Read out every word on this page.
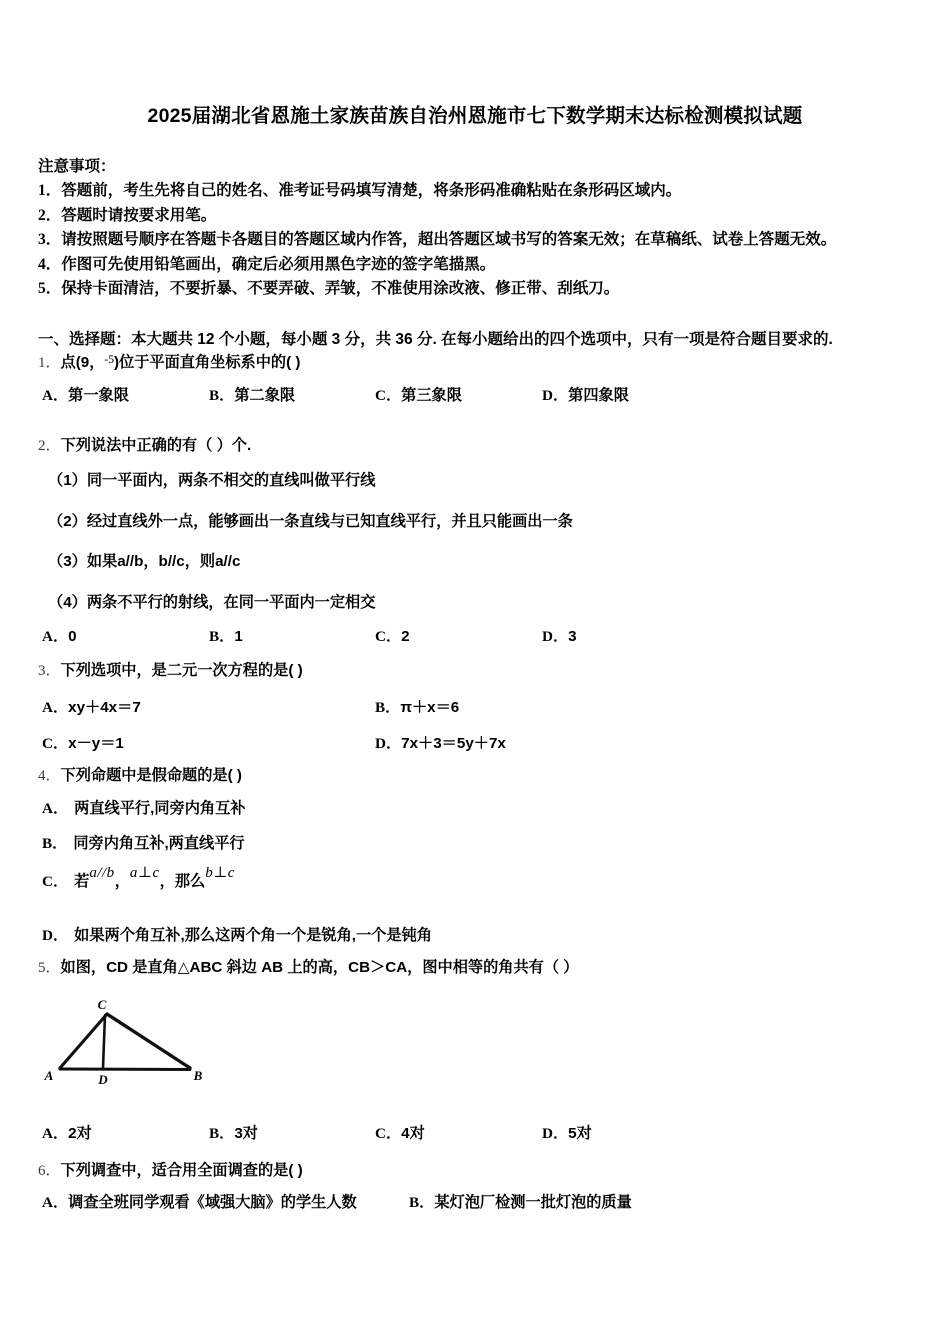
2025届湖北省恩施土家族苗族自治州恩施市七下数学期末达标检测模拟试题
注意事项：
1．答题前，考生先将自己的姓名、准考证号码填写清楚，将条形码准确粘贴在条形码区域内。
2．答题时请按要求用笔。
3．请按照题号顺序在答题卡各题目的答题区域内作答，超出答题区域书写的答案无效；在草稿纸、试卷上答题无效。
4．作图可先使用铅笔画出，确定后必须用黑色字迹的签字笔描黑。
5．保持卡面清洁，不要折暴、不要弄破、弄皱，不准使用涂改液、修正带、刮纸刀。
一、选择题：本大题共 12 个小题，每小题 3 分，共 36 分. 在每小题给出的四个选项中，只有一项是符合题目要求的.
1．点(9，$^{-5}$)位于平面直角坐标系中的( )
A．第一象限	B．第二象限	C．第三象限	D．第四象限
2．下列说法中正确的有（ ）个.
（1）同一平面内，两条不相交的直线叫做平行线
（2）经过直线外一点，能够画出一条直线与已知直线平行，并且只能画出一条
（3）如果a//b，b//c，则a//c
（4）两条不平行的射线，在同一平面内一定相交
A．0	B．1	C．2	D．3
3．下列选项中，是二元一次方程的是( )
A．xy＋4x＝7	B．π＋x＝6
C．x－y＝1	D．7x＋3＝5y＋7x
4．下列命题中是假命题的是( )
A． 两直线平行,同旁内角互补
B． 同旁内角互补,两直线平行
C． 若a//b，a⊥c，那么b⊥c
D． 如果两个角互补,那么这两个角一个是锐角,一个是钝角
5．如图，CD 是直角△ABC 斜边 AB 上的高，CB＞CA，图中相等的角共有（ ）
C
A	B
D
A．2对	B．3对	C．4对	D．5对
6．下列调查中，适合用全面调查的是( )
A．调查全班同学观看《域强大脑》的学生人数	B．某灯泡厂检测一批灯泡的质量
